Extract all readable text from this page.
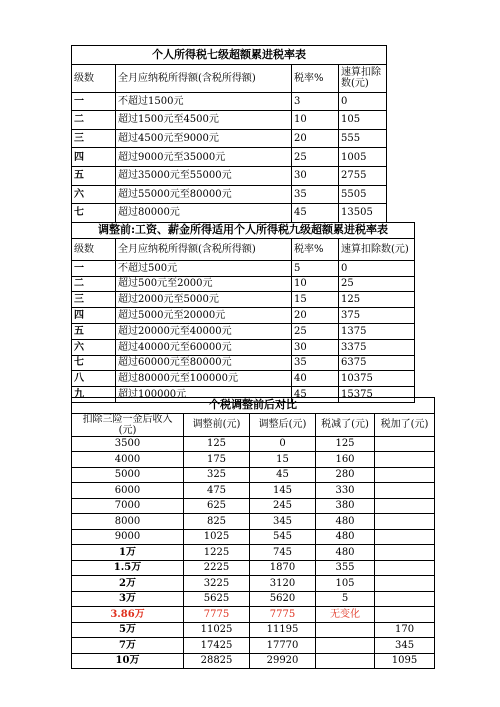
个人所得税七级超额累进税率表			
级数	全月应纳税所得额(含税所得额)	税率%	速算扣除数(元)
一	不超过1500元	3	0
二	超过1500元至4500元	10	105
三	超过4500元至9000元	20	555
四	超过9000元至35000元	25	1005
五	超过35000元至55000元	30	2755
六	超过55000元至80000元	35	5505
七	超过80000元	45	13505
调整前:工资、薪金所得适用个人所得税九级超额累进税率表			
级数	全月应纳税所得额(含税所得额)	税率%	速算扣除数(元)
一	不超过500元	5	0
二	超过500元至2000元	10	25
三	超过2000元至5000元	15	125
四	超过5000元至20000元	20	375
五	超过20000元至40000元	25	1375
六	超过40000元至60000元	30	3375
七	超过60000元至80000元	35	6375
八	超过80000元至100000元	40	10375
九	超过100000元	45	15375
个税调整前后对比				
扣除三险一金后收入(元)	调整前(元)	调整后(元)	税减了(元)	税加了(元)
3500	125	0	125	
4000	175	15	160	
5000	325	45	280	
6000	475	145	330	
7000	625	245	380	
8000	825	345	480	
9000	1025	545	480	
1万	1225	745	480	
1.5万	2225	1870	355	
2万	3225	3120	105	
3万	5625	5620	5	
3.86万	7775	7775	无变化	
5万	11025	11195		170
7万	17425	17770		345
10万	28825	29920		1095
